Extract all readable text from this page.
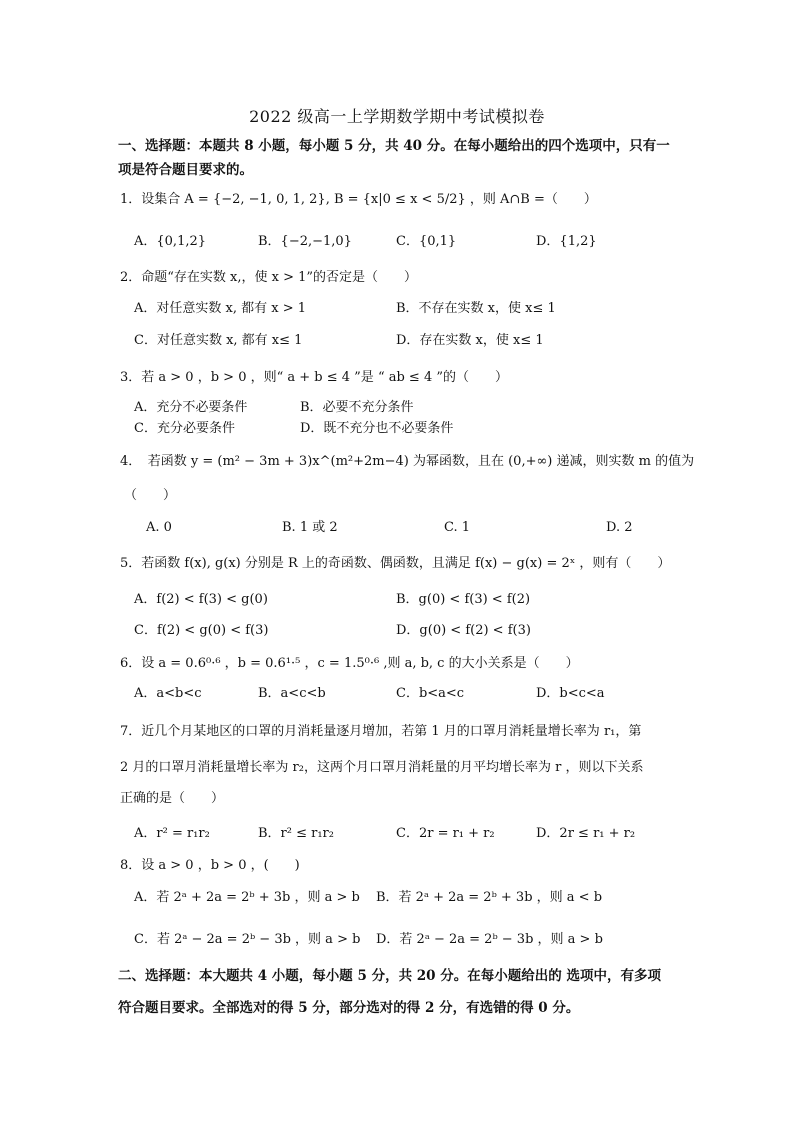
2022 级高一上学期数学期中考试模拟卷
一、选择题：本题共 8 小题，每小题 5 分，共 40 分。在每小题给出的四个选项中，只有一
项是符合题目要求的。
1．设集合 A = {−2, −1, 0, 1, 2}, B = {x|0 ≤ x < 5/2} ，则 A∩B =（　　）
A．{0,1,2}	B．{−2,−1,0}	C．{0,1}	D．{1,2}
2．命题“存在实数 x,，使 x > 1”的否定是（　　）
A．对任意实数 x, 都有 x > 1	B．不存在实数 x，使 x≤ 1
C．对任意实数 x, 都有 x≤ 1	D．存在实数 x，使 x≤ 1
3．若 a > 0 ，b > 0 ，则“ a + b ≤ 4 ”是 “ ab ≤ 4 ”的（　　）
A．充分不必要条件	B．必要不充分条件
C．充分必要条件	D．既不充分也不必要条件
4．　若函数 y = (m² − 3m + 3)x^(m²+2m−4) 为幂函数，且在 (0,+∞) 递减，则实数 m 的值为
（　　）
A. 0	B. 1 或 2	C. 1	D. 2
5．若函数 f(x), g(x) 分别是 R 上的奇函数、偶函数，且满足 f(x) − g(x) = 2ˣ ，则有（　　）
A．f(2) < f(3) < g(0)	B．g(0) < f(3) < f(2)
C．f(2) < g(0) < f(3)	D．g(0) < f(2) < f(3)
6．设 a = 0.6⁰·⁶ ，b = 0.6¹·⁵ ，c = 1.5⁰·⁶ ,则 a, b, c 的大小关系是（　　）
A．a<b<c	B．a<c<b	C．b<a<c	D．b<c<a
7．近几个月某地区的口罩的月消耗量逐月增加，若第 1 月的口罩月消耗量增长率为 r₁，第
2 月的口罩月消耗量增长率为 r₂，这两个月口罩月消耗量的月平均增长率为 r ，则以下关系
正确的是（　　）
A．r² = r₁r₂	B．r² ≤ r₁r₂	C．2r = r₁ + r₂	D．2r ≤ r₁ + r₂
8．设 a > 0 ，b > 0 ，(　　)
A．若 2ᵃ + 2a = 2ᵇ + 3b ，则 a > b B．若 2ᵃ + 2a = 2ᵇ + 3b ，则 a < b
C．若 2ᵃ − 2a = 2ᵇ − 3b ，则 a > b D．若 2ᵃ − 2a = 2ᵇ − 3b ，则 a > b
二、选择题：本大题共 4 小题，每小题 5 分，共 20 分。在每小题给出的 选项中，有多项
符合题目要求。全部选对的得 5 分，部分选对的得 2 分，有选错的得 0 分。
